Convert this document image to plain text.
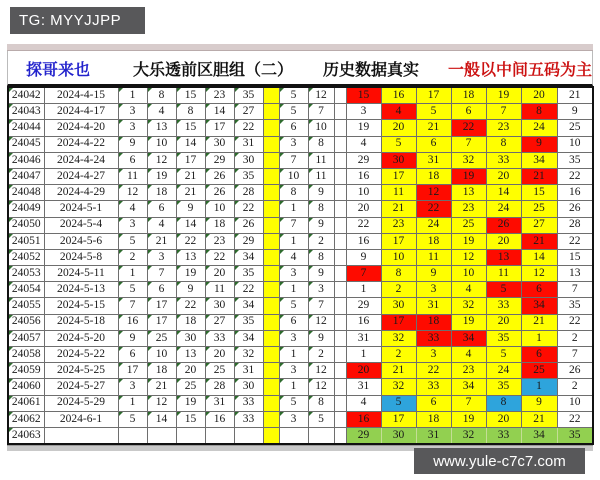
TG: MYYJJPP
探哥来也	大乐透前区胆组（二） 历史数据真实 一般以中间五码为主
24042	2024-4-15	1	8	15	23	35		5	12		15	16	17	18	19	20	21
24043	2024-4-17	3	4	8	14	27		5	7		3	4	5	6	7	8	9
24044	2024-4-20	3	13	15	17	22		6	10		19	20	21	22	23	24	25
24045	2024-4-22	9	10	14	30	31		3	8		4	5	6	7	8	9	10
24046	2024-4-24	6	12	17	29	30		7	11		29	30	31	32	33	34	35
24047	2024-4-27	11	19	21	26	35		10	11		16	17	18	19	20	21	22
24048	2024-4-29	12	18	21	26	28		8	9		10	11	12	13	14	15	16
24049	2024-5-1	4	6	9	10	22		1	8		20	21	22	23	24	25	26
24050	2024-5-4	3	4	14	18	26		7	9		22	23	24	25	26	27	28
24051	2024-5-6	5	21	22	23	29		1	2		16	17	18	19	20	21	22
24052	2024-5-8	2	3	13	22	34		4	8		9	10	11	12	13	14	15
24053	2024-5-11	1	7	19	20	35		3	9		7	8	9	10	11	12	13
24054	2024-5-13	5	6	9	11	22		1	3		1	2	3	4	5	6	7
24055	2024-5-15	7	17	22	30	34		5	7		29	30	31	32	33	34	35
24056	2024-5-18	16	17	18	27	35		6	12		16	17	18	19	20	21	22
24057	2024-5-20	9	25	30	33	34		3	9		31	32	33	34	35	1	2
24058	2024-5-22	6	10	13	20	32		1	2		1	2	3	4	5	6	7
24059	2024-5-25	17	18	20	25	31		3	12		20	21	22	23	24	25	26
24060	2024-5-27	3	21	25	28	30		1	12		31	32	33	34	35	1	2
24061	2024-5-29	1	12	19	31	33		5	8		4	5	6	7	8	9	10
24062	2024-6-1	5	14	15	16	33		3	5		16	17	18	19	20	21	22
24063											29	30	31	32	33	34	35
www.yule-c7c7.com
